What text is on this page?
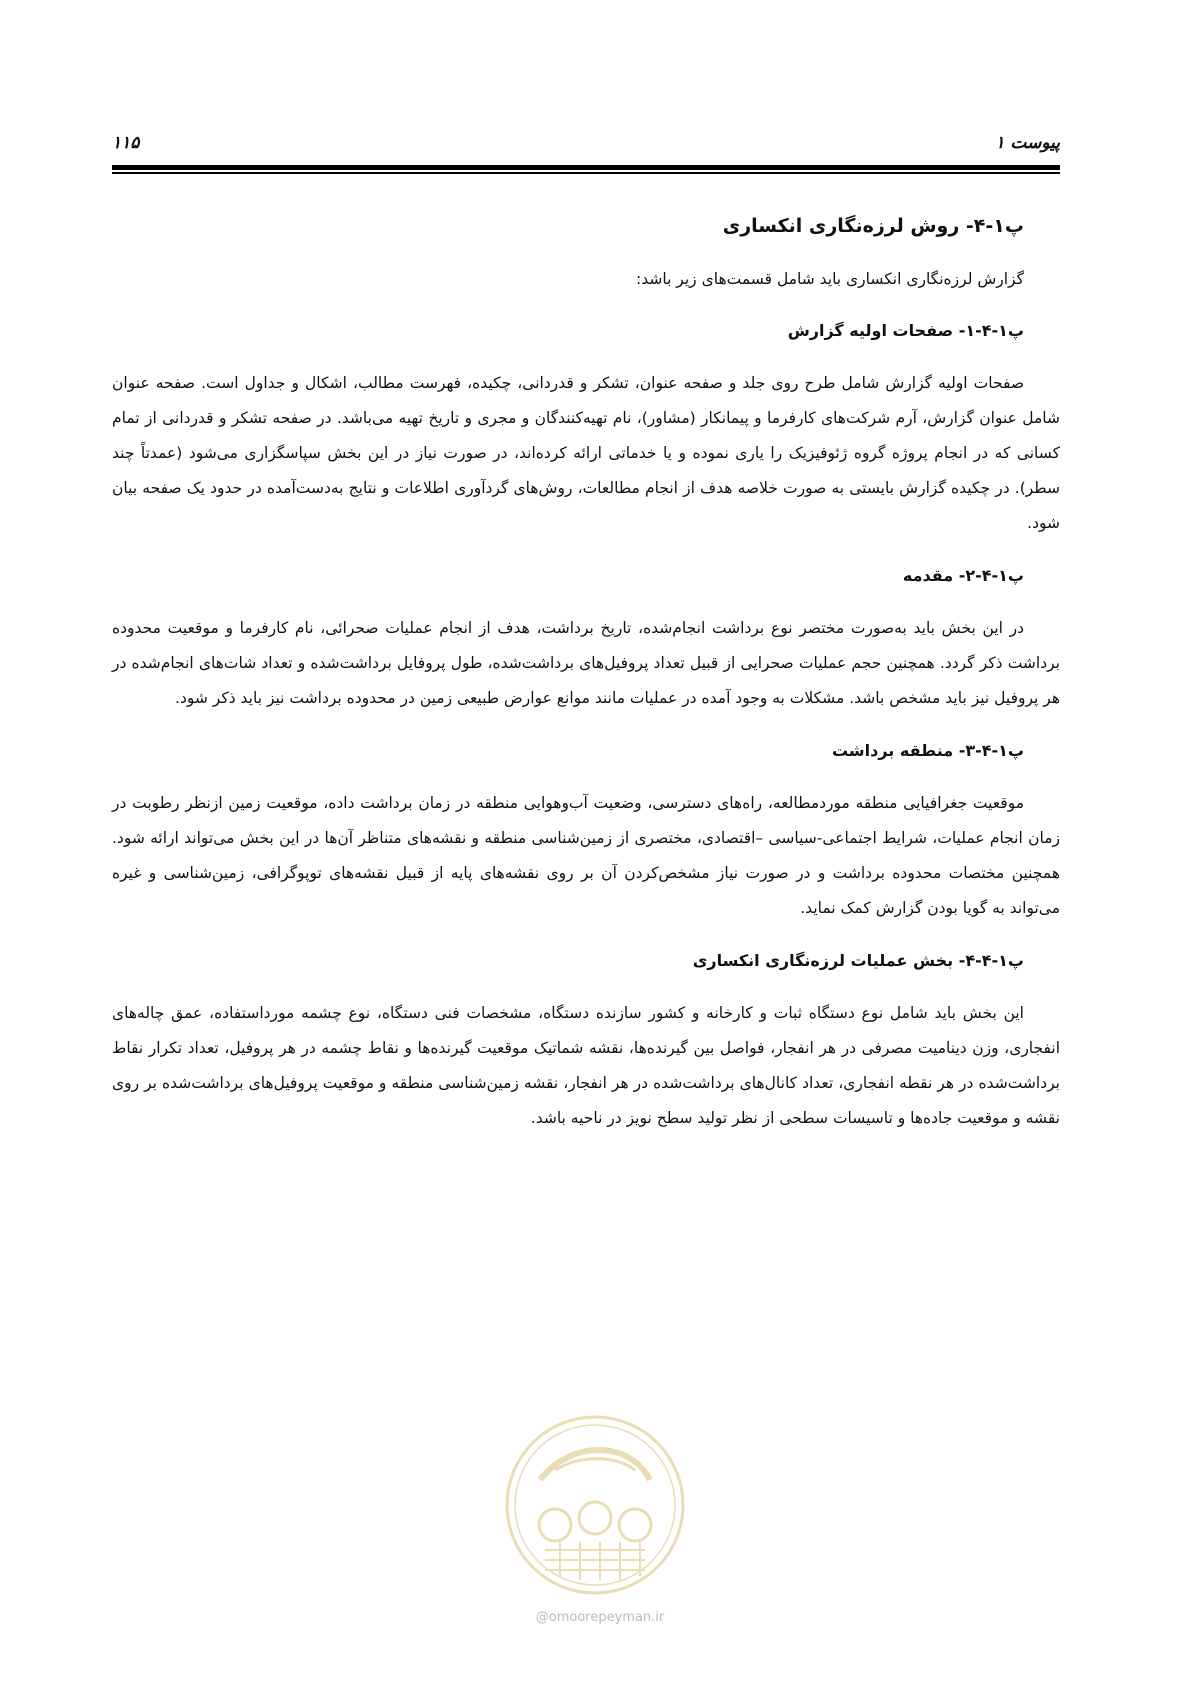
پیوست ۱
۱۱۵
پ۱-۴- روش لرزه‌نگاری انکساری

گزارش لرزه‌نگاری انکساری باید شامل قسمت‌های زیر باشد:

پ۱-۴-۱- صفحات اولیه گزارش

صفحات اولیه گزارش شامل طرح روی جلد و صفحه عنوان، تشکر و قدردانی، چکیده، فهرست مطالب، اشکال و جداول است. صفحه عنوان شامل عنوان گزارش، آرم شرکت‌های کارفرما و پیمانکار (مشاور)، نام تهیه‌کنندگان و مجری و تاریخ تهیه می‌باشد. در صفحه تشکر و قدردانی از تمام کسانی که در انجام پروژه گروه ژئوفیزیک را یاری نموده و یا خدماتی ارائه کرده‌اند، در صورت نیاز در این بخش سپاسگزاری می‌شود (عمدتاً چند سطر). در چکیده گزارش بایستی به صورت خلاصه هدف از انجام مطالعات، روش‌های گردآوری اطلاعات و نتایج به‌دست‌آمده در حدود یک صفحه بیان شود.

پ۱-۴-۲- مقدمه

در این بخش باید به‌صورت مختصر نوع برداشت انجام‌شده، تاریخ برداشت، هدف از انجام عملیات صحرائی، نام کارفرما و موقعیت محدوده برداشت ذکر گردد. همچنین حجم عملیات صحرایی از قبیل تعداد پروفیل‌های برداشت‌شده، طول پروفایل برداشت‌شده و تعداد شات‌های انجام‌شده در هر پروفیل نیز باید مشخص باشد. مشکلات به وجود آمده در عملیات مانند موانع عوارض طبیعی زمین در محدوده برداشت نیز باید ذکر شود.

پ۱-۴-۳- منطقه برداشت

موقعیت جغرافیایی منطقه موردمطالعه، راه‌های دسترسی، وضعیت آب‌وهوایی منطقه در زمان برداشت داده، موقعیت زمین ازنظر رطوبت در زمان انجام عملیات، شرایط اجتماعی-سیاسی –اقتصادی، مختصری از زمین‌شناسی منطقه و نقشه‌های متناظر آن‌ها در این بخش می‌تواند ارائه شود. همچنین مختصات محدوده برداشت و در صورت نیاز مشخص‌کردن آن بر روی نقشه‌های پایه از قبیل نقشه‌های توپوگرافی، زمین‌شناسی و غیره می‌تواند به گویا بودن گزارش کمک نماید.

پ۱-۴-۴- بخش عملیات لرزه‌نگاری انکساری

این بخش باید شامل نوع دستگاه ثبات و کارخانه و کشور سازنده دستگاه، مشخصات فنی دستگاه، نوع چشمه مورداستفاده، عمق چاله‌های انفجاری، وزن دینامیت مصرفی در هر انفجار، فواصل بین گیرنده‌ها، نقشه شماتیک موقعیت گیرنده‌ها و نقاط چشمه در هر پروفیل، تعداد تکرار نقاط برداشت‌شده در هر نقطه انفجاری، تعداد کانال‌های برداشت‌شده در هر انفجار، نقشه زمین‌شناسی منطقه و موقعیت پروفیل‌های برداشت‌شده بر روی نقشه و موقعیت جاده‌ها و تاسیسات سطحی از نظر تولید سطح نویز در ناحیه باشد.

@omoorepeyman.ir
